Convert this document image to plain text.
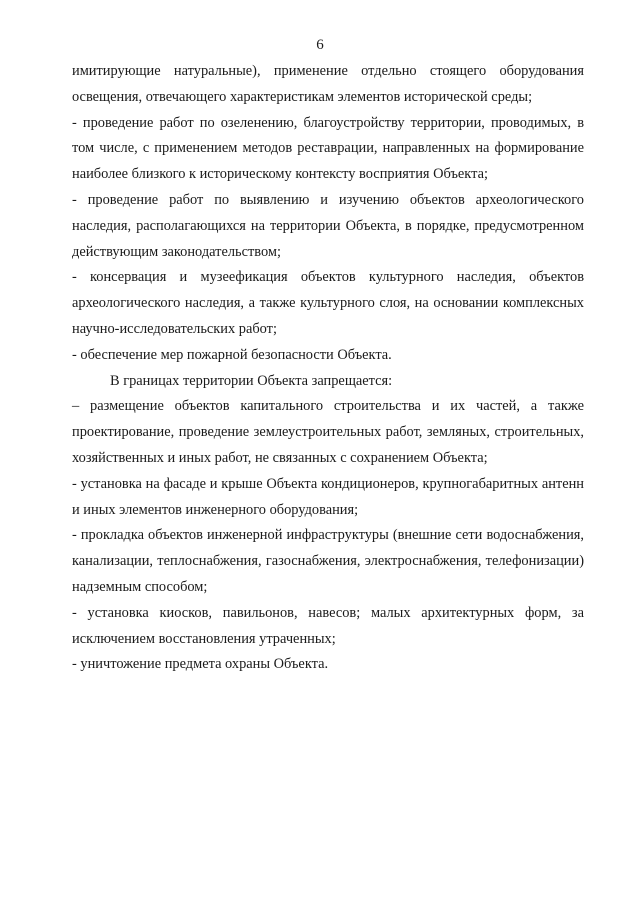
6

имитирующие натуральные), применение отдельно стоящего оборудования освещения, отвечающего характеристикам элементов исторической среды;

- проведение работ по озеленению, благоустройству территории, проводимых, в том числе, с применением методов реставрации, направленных на формирование наиболее близкого к историческому контексту восприятия Объекта;

- проведение работ по выявлению и изучению объектов археологического наследия, располагающихся на территории Объекта, в порядке, предусмотренном действующим законодательством;

- консервация и музеефикация объектов культурного наследия, объектов археологического наследия, а также культурного слоя, на основании комплексных научно-исследовательских работ;

- обеспечение мер пожарной безопасности Объекта.

В границах территории Объекта запрещается:

– размещение объектов капитального строительства и их частей, а также проектирование, проведение землеустроительных работ, земляных, строительных, хозяйственных и иных работ, не связанных с сохранением Объекта;

- установка на фасаде и крыше Объекта кондиционеров, крупногабаритных антенн и иных элементов инженерного оборудования;

- прокладка объектов инженерной инфраструктуры (внешние сети водоснабжения, канализации, теплоснабжения, газоснабжения, электроснабжения, телефонизации) надземным способом;

- установка киосков, павильонов, навесов; малых архитектурных форм, за исключением восстановления утраченных;

- уничтожение предмета охраны Объекта.
